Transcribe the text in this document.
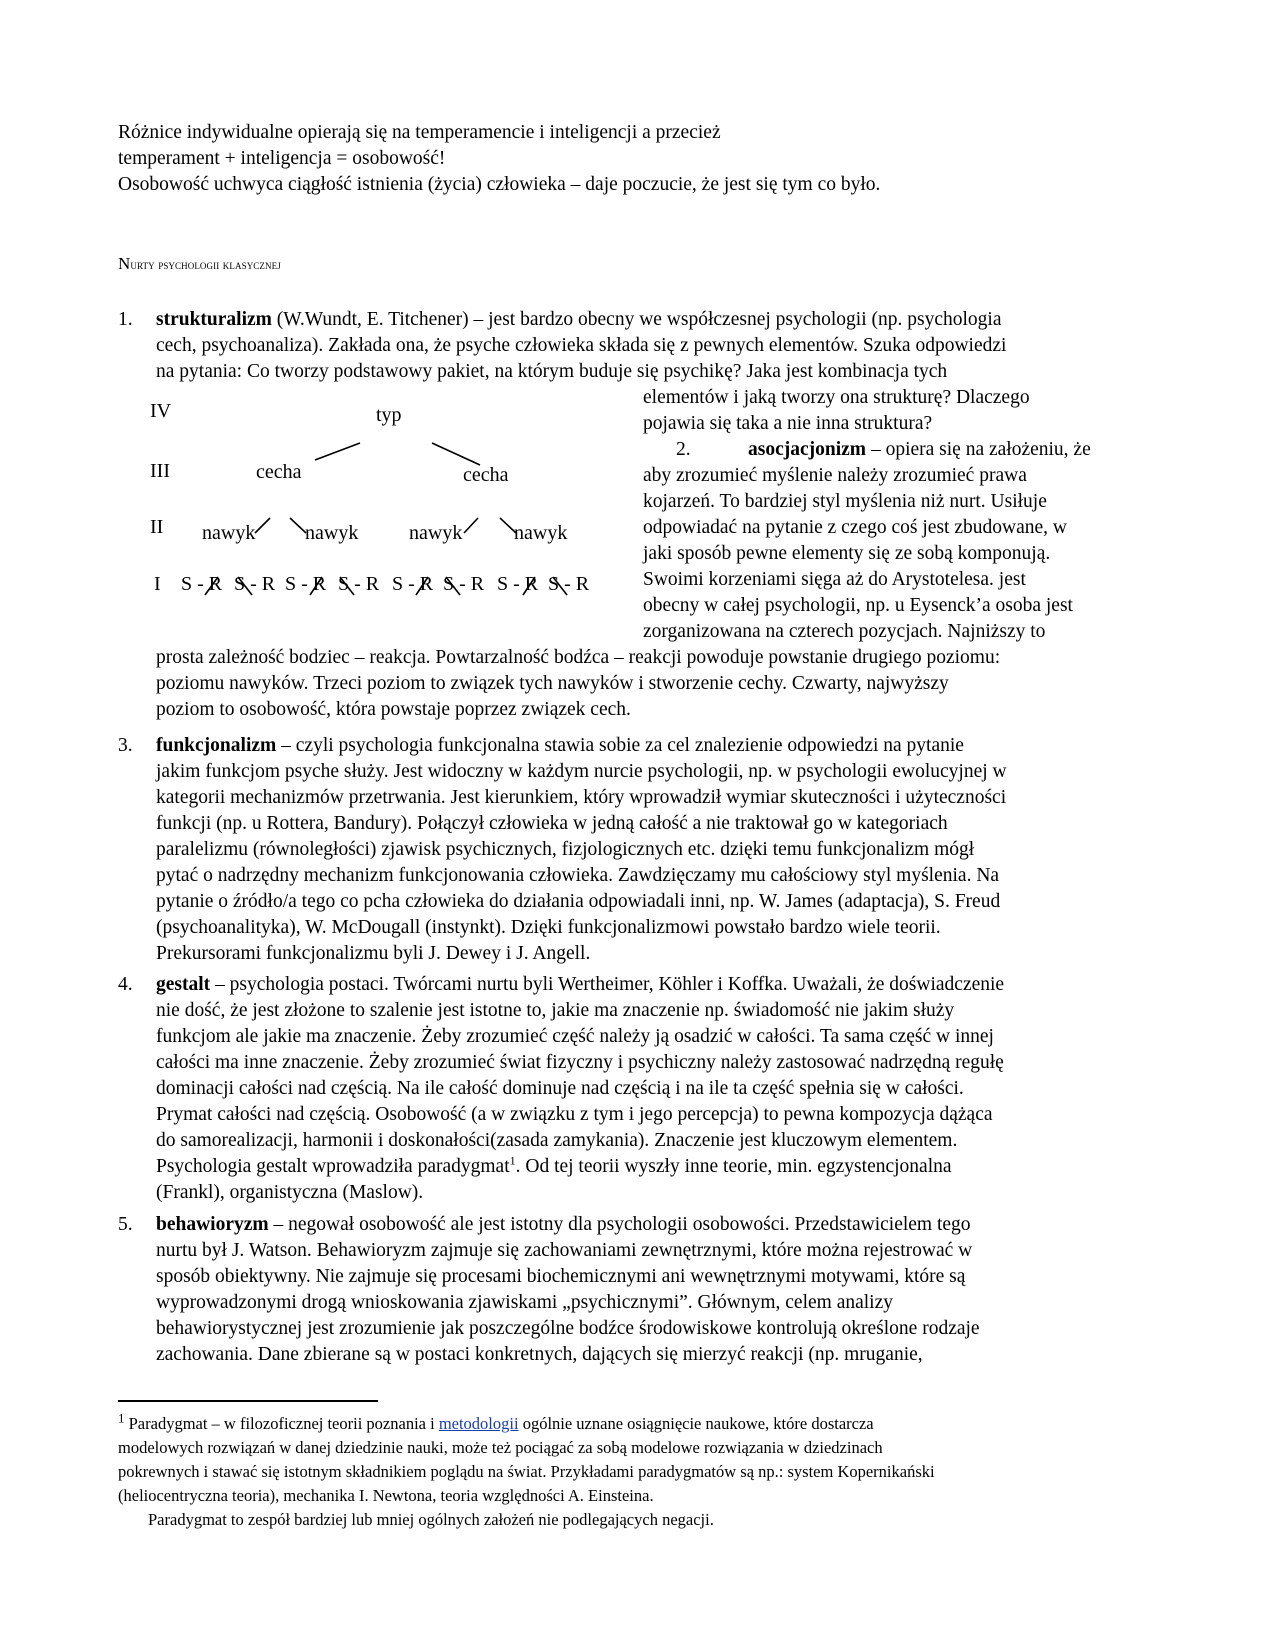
Różnice indywidualne opierają się na temperamencie i inteligencji a przecież
temperament + inteligencja = osobowość!
Osobowość uchwyca ciągłość istnienia (życia) człowieka – daje poczucie, że jest się tym co było.
Nurty psychologii klasycznej
1. strukturalizm (W.Wundt, E. Titchener) – jest bardzo obecny we współczesnej psychologii (np. psychologia
cech, psychoanaliza). Zakłada ona, że psyche człowieka składa się z pewnych elementów. Szuka odpowiedzi
na pytania: Co tworzy podstawowy pakiet, na którym buduje się psychikę? Jaka jest kombinacja tych
elementów i jaką tworzy ona strukturę? Dlaczego
pojawia się taka a nie inna struktura?
2.	asocjacjonizm – opiera się na założeniu, że
aby zrozumieć myślenie należy zrozumieć prawa
kojarzeń. To bardziej styl myślenia niż nurt. Usiłuje
odpowiadać na pytanie z czego coś jest zbudowane, w
jaki sposób pewne elementy się ze sobą komponują.
Swoimi korzeniami sięga aż do Arystotelesa. jest
obecny w całej psychologii, np. u Eysenck’a osoba jest
zorganizowana na czterech pozycjach. Najniższy to
prosta zależność bodziec – reakcja. Powtarzalność bodźca – reakcji powoduje powstanie drugiego poziomu:
poziomu nawyków. Trzeci poziom to związek tych nawyków i stworzenie cechy. Czwarty, najwyższy
poziom to osobowość, która powstaje poprzez związek cech.
IV	typ
III	cecha	cecha
II nawyk nawyk	nawyk	nawyk
I S - R S - R S - R S - R S - R S - R S - R S - R
3. funkcjonalizm – czyli psychologia funkcjonalna stawia sobie za cel znalezienie odpowiedzi na pytanie
jakim funkcjom psyche służy. Jest widoczny w każdym nurcie psychologii, np. w psychologii ewolucyjnej w
kategorii mechanizmów przetrwania. Jest kierunkiem, który wprowadził wymiar skuteczności i użyteczności
funkcji (np. u Rottera, Bandury). Połączył człowieka w jedną całość a nie traktował go w kategoriach
paralelizmu (równoległości) zjawisk psychicznych, fizjologicznych etc. dzięki temu funkcjonalizm mógł
pytać o nadrzędny mechanizm funkcjonowania człowieka. Zawdzięczamy mu całościowy styl myślenia. Na
pytanie o źródło/a tego co pcha człowieka do działania odpowiadali inni, np. W. James (adaptacja), S. Freud
(psychoanalityka), W. McDougall (instynkt). Dzięki funkcjonalizmowi powstało bardzo wiele teorii.
Prekursorami funkcjonalizmu byli J. Dewey i J. Angell.
4. gestalt – psychologia postaci. Twórcami nurtu byli Wertheimer, Köhler i Koffka. Uważali, że doświadczenie
nie dość, że jest złożone to szalenie jest istotne to, jakie ma znaczenie np. świadomość nie jakim służy
funkcjom ale jakie ma znaczenie. Żeby zrozumieć część należy ją osadzić w całości. Ta sama część w innej
całości ma inne znaczenie. Żeby zrozumieć świat fizyczny i psychiczny należy zastosować nadrzędną regułę
dominacji całości nad częścią. Na ile całość dominuje nad częścią i na ile ta część spełnia się w całości.
Prymat całości nad częścią. Osobowość (a w związku z tym i jego percepcja) to pewna kompozycja dążąca
do samorealizacji, harmonii i doskonałości(zasada zamykania). Znaczenie jest kluczowym elementem.
Psychologia gestalt wprowadziła paradygmat$^1$. Od tej teorii wyszły inne teorie, min. egzystencjonalna
(Frankl), organistyczna (Maslow).
5. behawioryzm – negował osobowość ale jest istotny dla psychologii osobowości. Przedstawicielem tego
nurtu był J. Watson. Behawioryzm zajmuje się zachowaniami zewnętrznymi, które można rejestrować w
sposób obiektywny. Nie zajmuje się procesami biochemicznymi ani wewnętrznymi motywami, które są
wyprowadzonymi drogą wnioskowania zjawiskami „psychicznymi”. Głównym, celem analizy
behawiorystycznej jest zrozumienie jak poszczególne bodźce środowiskowe kontrolują określone rodzaje
zachowania. Dane zbierane są w postaci konkretnych, dających się mierzyć reakcji (np. mruganie,
$^1$ Paradygmat – w filozoficznej teorii poznania i metodologii ogólnie uznane osiągnięcie naukowe, które dostarcza
modelowych rozwiązań w danej dziedzinie nauki, może też pociągać za sobą modelowe rozwiązania w dziedzinach
pokrewnych i stawać się istotnym składnikiem poglądu na świat. Przykładami paradygmatów są np.: system Kopernikański
(heliocentryczna teoria), mechanika I. Newtona, teoria względności A. Einsteina.
Paradygmat to zespół bardziej lub mniej ogólnych założeń nie podlegających negacji.
